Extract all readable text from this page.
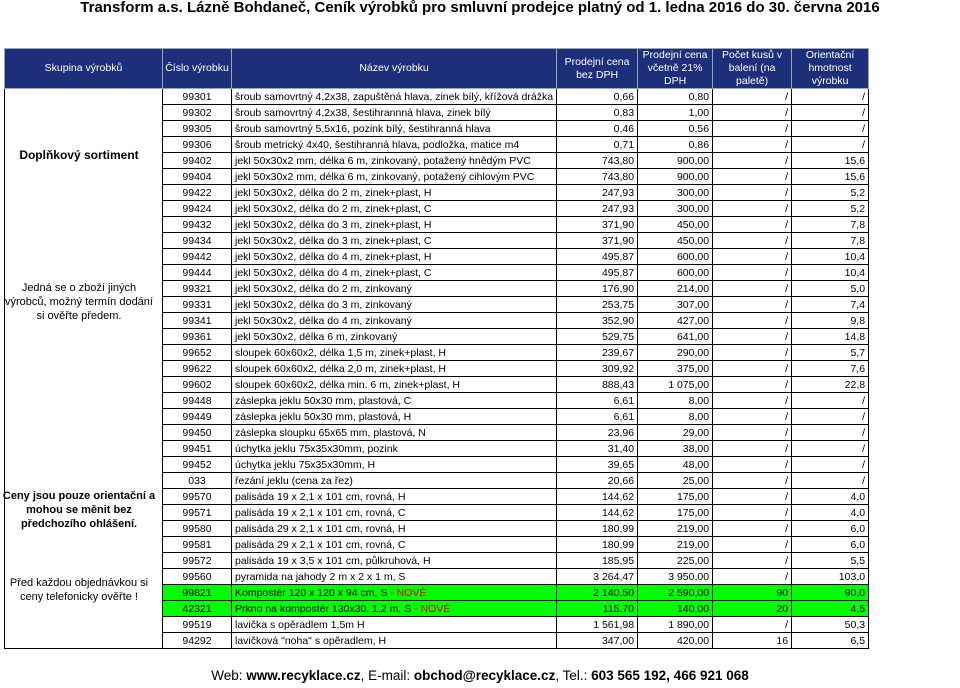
Transform a.s. Lázně Bohdaneč, Ceník výrobků pro smluvní prodejce platný od 1. ledna 2016 do 30. června 2016
Skupina výrobků	Číslo výrobku	Název výrobku	Prodejní cena bez DPH	Prodejní cena včetně 21% DPH	Počet kusů v balení (na paletě)	Orientační hmotnost výrobku
	99301	šroub samovrtný 4,2x38, zapuštěná hlava, zinek bílý, křížová drážka	0,66	0,80	/	/
	99302	šroub samovrtný 4,2x38, šestihrannná hlava, zinek bílý	0,83	1,00	/	/
	99305	šroub samovrtný 5,5x16, pozink bílý, šestihranná hlava	0,46	0,56	/	/
	99306	šroub metrický 4x40, šestihranná hlava, podložka, matice m4	0,71	0,86	/	/
	99402	jekl 50x30x2 mm, délka 6 m, zinkovaný, potažený hnědým PVC	743,80	900,00	/	15,6
	99404	jekl 50x30x2 mm, délka 6 m, zinkovaný, potažený cihlovým PVC	743,80	900,00	/	15,6
	99422	jekl 50x30x2, délka do 2 m, zinek+plast, H	247,93	300,00	/	5,2
	99424	jekl 50x30x2, délka do 2 m, zinek+plast, C	247,93	300,00	/	5,2
	99432	jekl 50x30x2, délka do 3 m, zinek+plast, H	371,90	450,00	/	7,8
	99434	jekl 50x30x2, délka do 3 m, zinek+plast, C	371,90	450,00	/	7,8
	99442	jekl 50x30x2, délka do 4 m, zinek+plast, H	495,87	600,00	/	10,4
	99444	jekl 50x30x2, délka do 4 m, zinek+plast, C	495,87	600,00	/	10,4
	99321	jekl 50x30x2, délka do 2 m, zinkovaný	176,90	214,00	/	5,0
	99331	jekl 50x30x2, délka do 3 m, zinkovaný	253,75	307,00	/	7,4
	99341	jekl 50x30x2, délka do 4 m, zinkovaný	352,90	427,00	/	9,8
	99361	jekl 50x30x2, délka 6 m, zinkovaný	529,75	641,00	/	14,8
	99652	sloupek 60x60x2, délka 1,5 m, zinek+plast, H	239,67	290,00	/	5,7
	99622	sloupek 60x60x2, délka 2,0 m, zinek+plast, H	309,92	375,00	/	7,6
	99602	sloupek 60x60x2, délka min. 6 m, zinek+plast, H	888,43	1 075,00	/	22,8
	99448	záslepka jeklu 50x30 mm, plastová, C	6,61	8,00	/	/
	99449	záslepka jeklu 50x30 mm, plastová, H	6,61	8,00	/	/
	99450	záslepka sloupku 65x65 mm, plastová, N	23,96	29,00	/	/
	99451	úchytka jeklu 75x35x30mm, pozink	31,40	38,00	/	/
	99452	úchytka jeklu 75x35x30mm, H	39,65	48,00	/	/
	033	řezání jeklu (cena za řez)	20,66	25,00	/	/
	99570	palisáda 19 x 2,1 x 101 cm, rovná, H	144,62	175,00	/	4,0
	99571	palisáda 19 x 2,1 x 101 cm, rovná, C	144,62	175,00	/	4,0
	99580	palisáda 29 x 2,1 x 101 cm, rovná, H	180,99	219,00	/	6,0
	99581	palisáda 29 x 2,1 x 101 cm, rovná, C	180,99	219,00	/	6,0
	99572	palisáda 19 x 3,5 x 101 cm, půlkruhová, H	185,95	225,00	/	5,5
	99560	pyramida na jahody 2 m x 2 x 1 m, S	3 264,47	3 950,00	/	103,0
	99821	Kompostér 120 x 120 x 94 cm, S - NOVÉ	2 140,50	2 590,00	90	90,0
	42321	Prkno na kompostér 130x30, 1,2 m, S - NOVÉ	115,70	140,00	20	4,5
	99519	lavička s opěradlem 1,5m H	1 561,98	1 890,00	/	50,3
	94292	lavičková "noha" s opěradlem, H	347,00	420,00	16	6,5
Doplňkový sortiment
Jedná se o zboží jiných výrobců, možný termín dodání si ověřte předem.
Ceny jsou pouze orientační a mohou se měnit bez předchozího ohlášení.
Před každou objednávkou si ceny telefonicky ověřte !
Web: www.recyklace.cz, E-mail: obchod@recyklace.cz, Tel.: 603 565 192, 466 921 068
